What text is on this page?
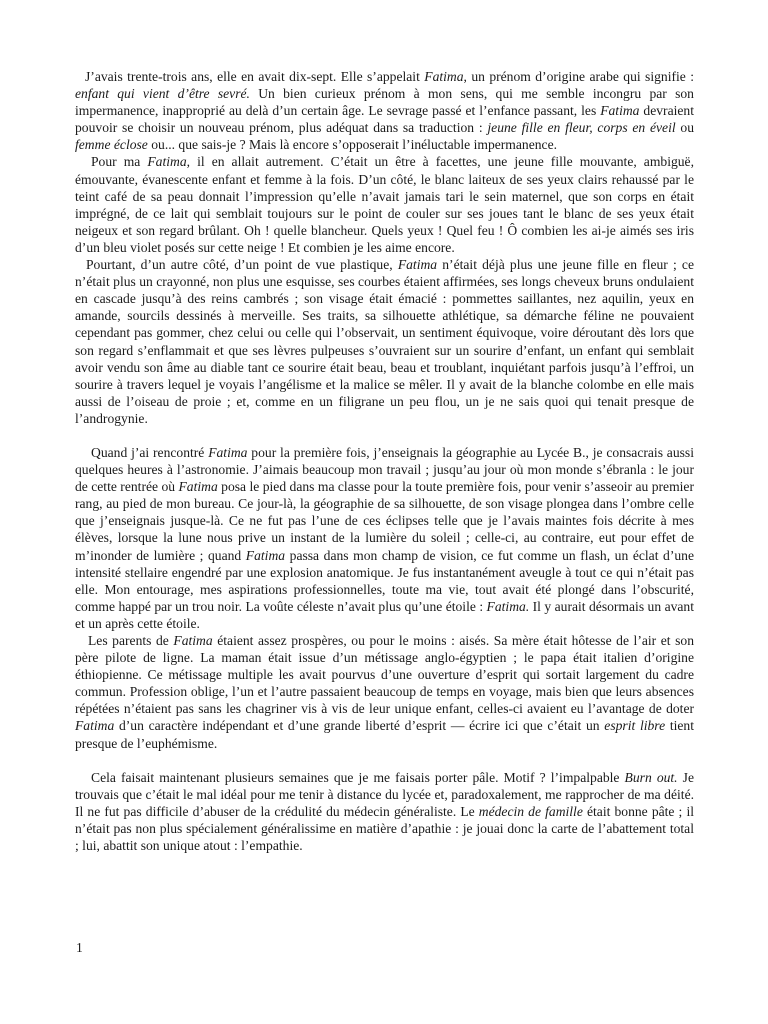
J’avais trente-trois ans, elle en avait dix-sept. Elle s’appelait Fatima, un prénom d’origine arabe qui signifie : enfant qui vient d’être sevré. Un bien curieux prénom à mon sens, qui me semble incongru par son impermanence, inapproprié au delà d’un certain âge. Le sevrage passé et l’enfance passant, les Fatima devraient pouvoir se choisir un nouveau prénom, plus adéquat dans sa traduction : jeune fille en fleur, corps en éveil ou femme éclose ou... que sais-je ? Mais là encore s’opposerait l’inéluctable impermanence.

Pour ma Fatima, il en allait autrement. C’était un être à facettes, une jeune fille mouvante, ambiguë, émouvante, évanescente enfant et femme à la fois. D’un côté, le blanc laiteux de ses yeux clairs rehaussé par le teint café de sa peau donnait l’impression qu’elle n’avait jamais tari le sein maternel, que son corps en était imprégné, de ce lait qui semblait toujours sur le point de couler sur ses joues tant le blanc de ses yeux était neigeux et son regard brûlant. Oh ! quelle blancheur. Quels yeux ! Quel feu ! Ô combien les ai-je aimés ses iris d’un bleu violet posés sur cette neige ! Et combien je les aime encore.

Pourtant, d’un autre côté, d’un point de vue plastique, Fatima n’était déjà plus une jeune fille en fleur ; ce n’était plus un crayonné, non plus une esquisse, ses courbes étaient affirmées, ses longs cheveux bruns ondulaient en cascade jusqu’à des reins cambrés ; son visage était émacié : pommettes saillantes, nez aquilin, yeux en amande, sourcils dessinés à merveille. Ses traits, sa silhouette athlétique, sa démarche féline ne pouvaient cependant pas gommer, chez celui ou celle qui l’observait, un sentiment équivoque, voire déroutant dès lors que son regard s’enflammait et que ses lèvres pulpeuses s’ouvraient sur un sourire d’enfant, un enfant qui semblait avoir vendu son âme au diable tant ce sourire était beau, beau et troublant, inquiétant parfois jusqu’à l’effroi, un sourire à travers lequel je voyais l’angélisme et la malice se mêler. Il y avait de la blanche colombe en elle mais aussi de l’oiseau de proie ; et, comme en un filigrane un peu flou, un je ne sais quoi qui tenait presque de l’androgynie.

Quand j’ai rencontré Fatima pour la première fois, j’enseignais la géographie au Lycée B., je consacrais aussi quelques heures à l’astronomie. J’aimais beaucoup mon travail ; jusqu’au jour où mon monde s’ébranla : le jour de cette rentrée où Fatima posa le pied dans ma classe pour la toute première fois, pour venir s’asseoir au premier rang, au pied de mon bureau. Ce jour-là, la géographie de sa silhouette, de son visage plongea dans l’ombre celle que j’enseignais jusque-là. Ce ne fut pas l’une de ces éclipses telle que je l’avais maintes fois décrite à mes élèves, lorsque la lune nous prive un instant de la lumière du soleil ; celle-ci, au contraire, eut pour effet de m’inonder de lumière ; quand Fatima passa dans mon champ de vision, ce fut comme un flash, un éclat d’une intensité stellaire engendré par une explosion anatomique. Je fus instantanément aveugle à tout ce qui n’était pas elle. Mon entourage, mes aspirations professionnelles, toute ma vie, tout avait été plongé dans l’obscurité, comme happé par un trou noir. La voûte céleste n’avait plus qu’une étoile : Fatima. Il y aurait désormais un avant et un après cette étoile.

Les parents de Fatima étaient assez prospères, ou pour le moins : aisés. Sa mère était hôtesse de l’air et son père pilote de ligne. La maman était issue d’un métissage anglo-égyptien ; le papa était italien d’origine éthiopienne. Ce métissage multiple les avait pourvus d’une ouverture d’esprit qui sortait largement du cadre commun. Profession oblige, l’un et l’autre passaient beaucoup de temps en voyage, mais bien que leurs absences répétées n’étaient pas sans les chagriner vis à vis de leur unique enfant, celles-ci avaient eu l’avantage de doter Fatima d’un caractère indépendant et d’une grande liberté d’esprit — écrire ici que c’était un esprit libre tient presque de l’euphémisme.

Cela faisait maintenant plusieurs semaines que je me faisais porter pâle. Motif ? l’impalpable Burn out. Je trouvais que c’était le mal idéal pour me tenir à distance du lycée et, paradoxalement, me rapprocher de ma déité. Il ne fut pas difficile d’abuser de la crédulité du médecin généraliste. Le médecin de famille était bonne pâte ; il n’était pas non plus spécialement généralissime en matière d’apathie : je jouai donc la carte de l’abattement total ; lui, abattit son unique atout : l’empathie.

1
